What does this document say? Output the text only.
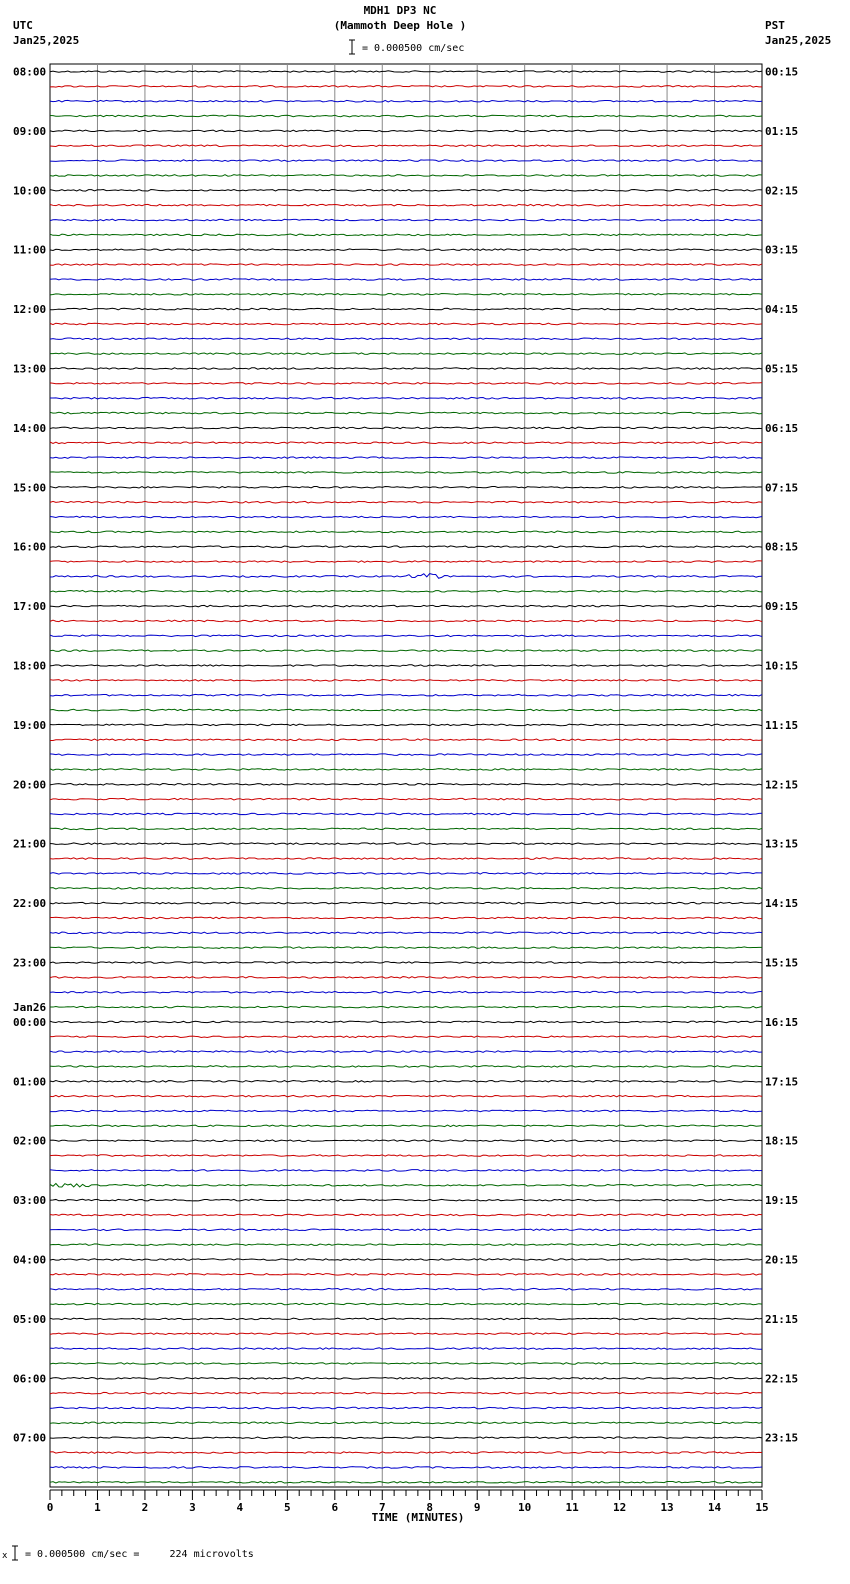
MDH1 DP3 NC
(Mammoth Deep Hole )
= 0.000500 cm/sec
UTC
Jan25,2025
PST
Jan25,2025
08:00	00:15
09:00	01:15
10:00	02:15
11:00	03:15
12:00	04:15
13:00	05:15
14:00	06:15
15:00	07:15
16:00	08:15
17:00	09:15
18:00	10:15
19:00	11:15
20:00	12:15
21:00	13:15
22:00	14:15
23:00	15:15
00:00	16:15
01:00	17:15
02:00	18:15
03:00	19:15
04:00	20:15
05:00	21:15
06:00	22:15
07:00	23:15
Jan26
0	1	2	3	4	5	6	7	8	9	10	11	12	13	14	15
TIME (MINUTES)
x = 0.000500 cm/sec =     224 microvolts
